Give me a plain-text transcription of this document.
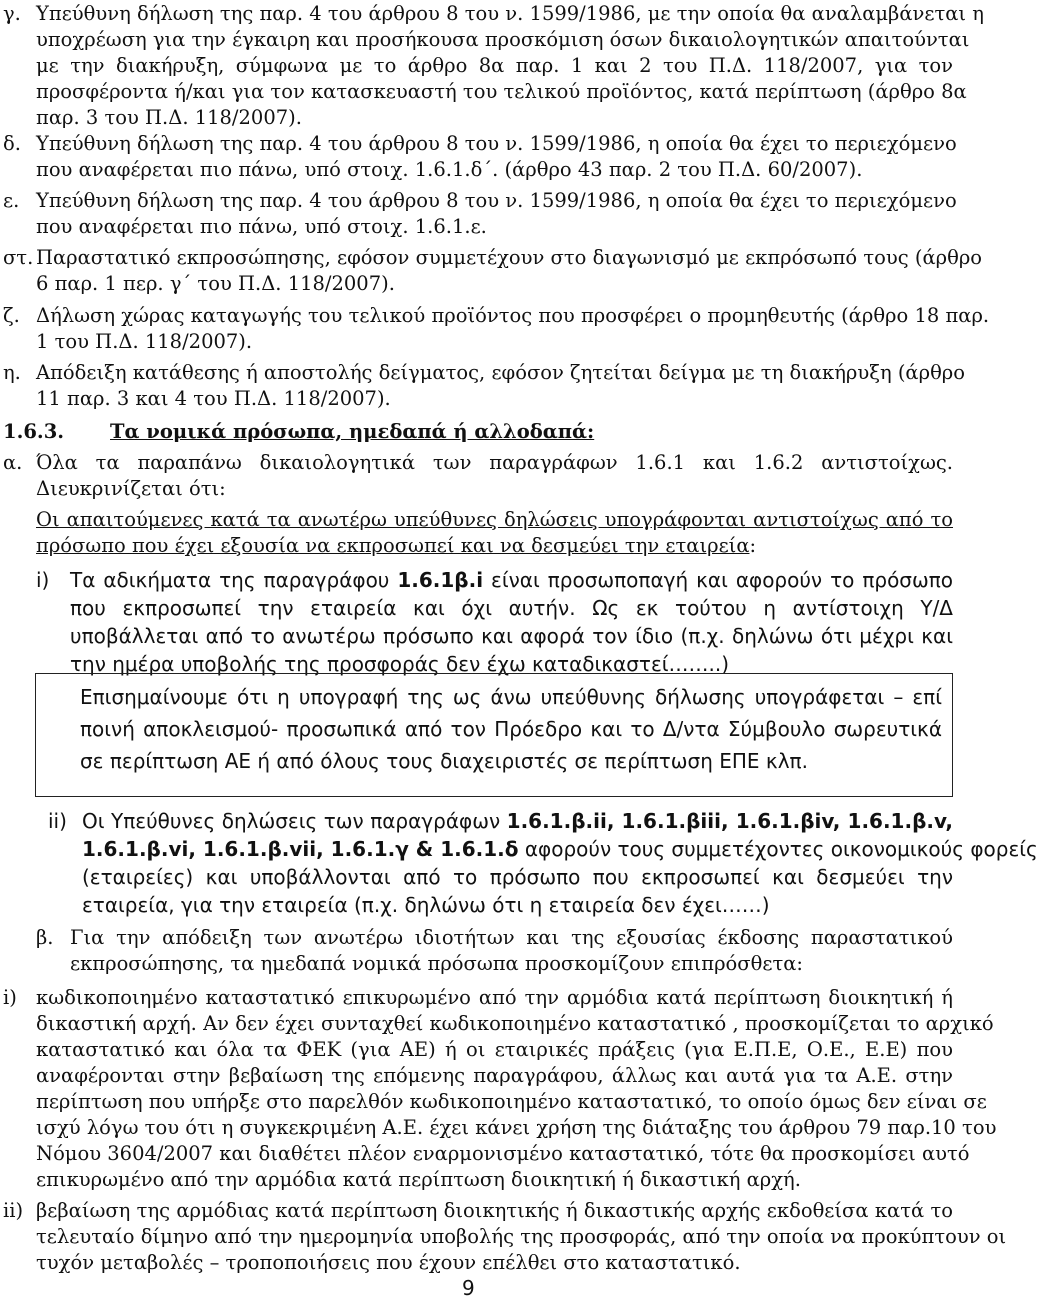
γ. Υπεύθυνη δήλωση της παρ. 4 του άρθρου 8 του ν. 1599/1986, με την οποία θα αναλαμβάνεται η
υποχρέωση για την έγκαιρη και προσήκουσα προσκόμιση όσων δικαιολογητικών απαιτούνται
με την διακήρυξη, σύμφωνα με το άρθρο 8α παρ. 1 και 2 του Π.Δ. 118/2007, για τον
προσφέροντα ή/και για τον κατασκευαστή του τελικού προϊόντος, κατά περίπτωση (άρθρο 8α
παρ. 3 του Π.Δ. 118/2007).
δ. Υπεύθυνη δήλωση της παρ. 4 του άρθρου 8 του ν. 1599/1986, η οποία θα έχει το περιεχόμενο
που αναφέρεται πιο πάνω, υπό στοιχ. 1.6.1.δ΄. (άρθρο 43 παρ. 2 του Π.Δ. 60/2007).
ε. Υπεύθυνη δήλωση της παρ. 4 του άρθρου 8 του ν. 1599/1986, η οποία θα έχει το περιεχόμενο
που αναφέρεται πιο πάνω, υπό στοιχ. 1.6.1.ε.
στ. Παραστατικό εκπροσώπησης, εφόσον συμμετέχουν στο διαγωνισμό με εκπρόσωπό τους (άρθρο
6 παρ. 1 περ. γ΄ του Π.Δ. 118/2007).
ζ. Δήλωση χώρας καταγωγής του τελικού προϊόντος που προσφέρει ο προμηθευτής (άρθρο 18 παρ.
1 του Π.Δ. 118/2007).
η. Απόδειξη κατάθεσης ή αποστολής δείγματος, εφόσον ζητείται δείγμα με τη διακήρυξη (άρθρο
11 παρ. 3 και 4 του Π.Δ. 118/2007).
1.6.3. Τα νομικά πρόσωπα, ημεδαπά ή αλλοδαπά:
α. Όλα τα παραπάνω δικαιολογητικά των παραγράφων 1.6.1 και 1.6.2 αντιστοίχως.
Διευκρινίζεται ότι:
Οι απαιτούμενες κατά τα ανωτέρω υπεύθυνες δηλώσεις υπογράφονται αντιστοίχως από το
πρόσωπο που έχει εξουσία να εκπροσωπεί και να δεσμεύει την εταιρεία:
i) Τα αδικήματα της παραγράφου 1.6.1β.i είναι προσωποπαγή και αφορούν το πρόσωπο
που εκπροσωπεί την εταιρεία και όχι αυτήν. Ως εκ τούτου η αντίστοιχη Υ/Δ
υποβάλλεται από το ανωτέρω πρόσωπο και αφορά τον ίδιο (π.χ. δηλώνω ότι μέχρι και
την ημέρα υποβολής της προσφοράς δεν έχω καταδικαστεί……..)
Επισημαίνουμε ότι η υπογραφή της ως άνω υπεύθυνης δήλωσης υπογράφεται – επί
ποινή αποκλεισμού- προσωπικά από τον Πρόεδρο και το Δ/ντα Σύμβουλο σωρευτικά
σε περίπτωση ΑΕ ή από όλους τους διαχειριστές σε περίπτωση ΕΠΕ κλπ.
ii) Οι Υπεύθυνες δηλώσεις των παραγράφων 1.6.1.β.ii, 1.6.1.βiii, 1.6.1.βiv, 1.6.1.β.v,
1.6.1.β.vi, 1.6.1.β.vii, 1.6.1.γ & 1.6.1.δ αφορούν τους συμμετέχοντες οικονομικούς φορείς
(εταιρείες) και υποβάλλονται από το πρόσωπο που εκπροσωπεί και δεσμεύει την
εταιρεία, για την εταιρεία (π.χ. δηλώνω ότι η εταιρεία δεν έχει……)
β. Για την απόδειξη των ανωτέρω ιδιοτήτων και της εξουσίας έκδοσης παραστατικού
εκπροσώπησης, τα ημεδαπά νομικά πρόσωπα προσκομίζουν επιπρόσθετα:
i) κωδικοποιημένο καταστατικό επικυρωμένο από την αρμόδια κατά περίπτωση διοικητική ή
δικαστική αρχή. Αν δεν έχει συνταχθεί κωδικοποιημένο καταστατικό , προσκομίζεται το αρχικό
καταστατικό και όλα τα ΦΕΚ (για ΑΕ) ή οι εταιρικές πράξεις (για Ε.Π.Ε, Ο.Ε., Ε.Ε) που
αναφέρονται στην βεβαίωση της επόμενης παραγράφου, άλλως και αυτά για τα Α.Ε. στην
περίπτωση που υπήρξε στο παρελθόν κωδικοποιημένο καταστατικό, το οποίο όμως δεν είναι σε
ισχύ λόγω του ότι η συγκεκριμένη Α.Ε. έχει κάνει χρήση της διάταξης του άρθρου 79 παρ.10 του
Νόμου 3604/2007 και διαθέτει πλέον εναρμονισμένο καταστατικό, τότε θα προσκομίσει αυτό
επικυρωμένο από την αρμόδια κατά περίπτωση διοικητική ή δικαστική αρχή.
ii) βεβαίωση της αρμόδιας κατά περίπτωση διοικητικής ή δικαστικής αρχής εκδοθείσα κατά το
τελευταίο δίμηνο από την ημερομηνία υποβολής της προσφοράς, από την οποία να προκύπτουν οι
τυχόν μεταβολές – τροποποιήσεις που έχουν επέλθει στο καταστατικό.
9
